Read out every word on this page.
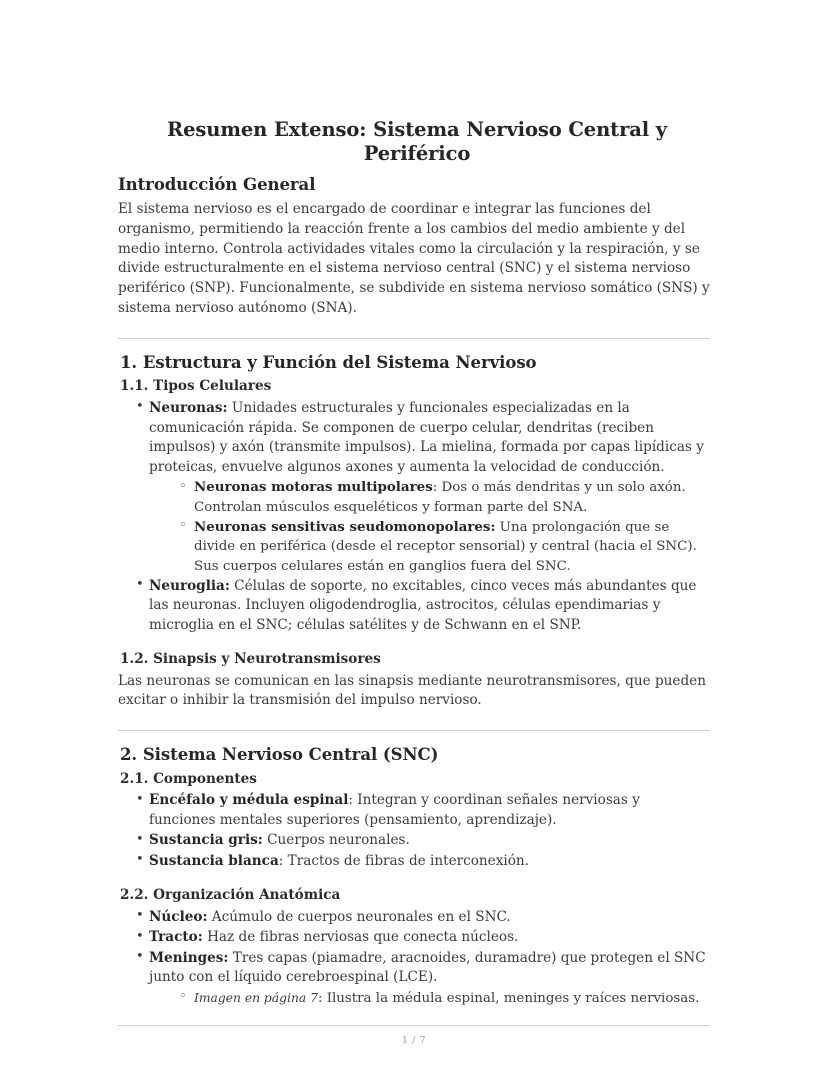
Resumen Extenso: Sistema Nervioso Central y Periférico
Introducción General

El sistema nervioso es el encargado de coordinar e integrar las funciones del organismo, permitiendo la reacción frente a los cambios del medio ambiente y del medio interno. Controla actividades vitales como la circulación y la respiración, y se divide estructuralmente en el sistema nervioso central (SNC) y el sistema nervioso periférico (SNP). Funcionalmente, se subdivide en sistema nervioso somático (SNS) y sistema nervioso autónomo (SNA).

1. Estructura y Función del Sistema Nervioso
1.1. Tipos Celulares
• Neuronas: Unidades estructurales y funcionales especializadas en la comunicación rápida. Se componen de cuerpo celular, dendritas (reciben impulsos) y axón (transmite impulsos). La mielina, formada por capas lipídicas y proteicas, envuelve algunos axones y aumenta la velocidad de conducción.
◦ Neuronas motoras multipolares: Dos o más dendritas y un solo axón. Controlan músculos esqueléticos y forman parte del SNA.
◦ Neuronas sensitivas seudomonopolares: Una prolongación que se divide en periférica (desde el receptor sensorial) y central (hacia el SNC). Sus cuerpos celulares están en ganglios fuera del SNC.
• Neuroglia: Células de soporte, no excitables, cinco veces más abundantes que las neuronas. Incluyen oligodendroglia, astrocitos, células ependimarias y microglia en el SNC; células satélites y de Schwann en el SNP.
1.2. Sinapsis y Neurotransmisores

Las neuronas se comunican en las sinapsis mediante neurotransmisores, que pueden excitar o inhibir la transmisión del impulso nervioso.

2. Sistema Nervioso Central (SNC)
2.1. Componentes
• Encéfalo y médula espinal: Integran y coordinan señales nerviosas y funciones mentales superiores (pensamiento, aprendizaje).
• Sustancia gris: Cuerpos neuronales.
• Sustancia blanca: Tractos de fibras de interconexión.
2.2. Organización Anatómica
• Núcleo: Acúmulo de cuerpos neuronales en el SNC.
• Tracto: Haz de fibras nerviosas que conecta núcleos.
• Meninges: Tres capas (piamadre, aracnoides, duramadre) que protegen el SNC junto con el líquido cerebroespinal (LCE).
◦ Imagen en página 7: Ilustra la médula espinal, meninges y raíces nerviosas.
1 / 7
